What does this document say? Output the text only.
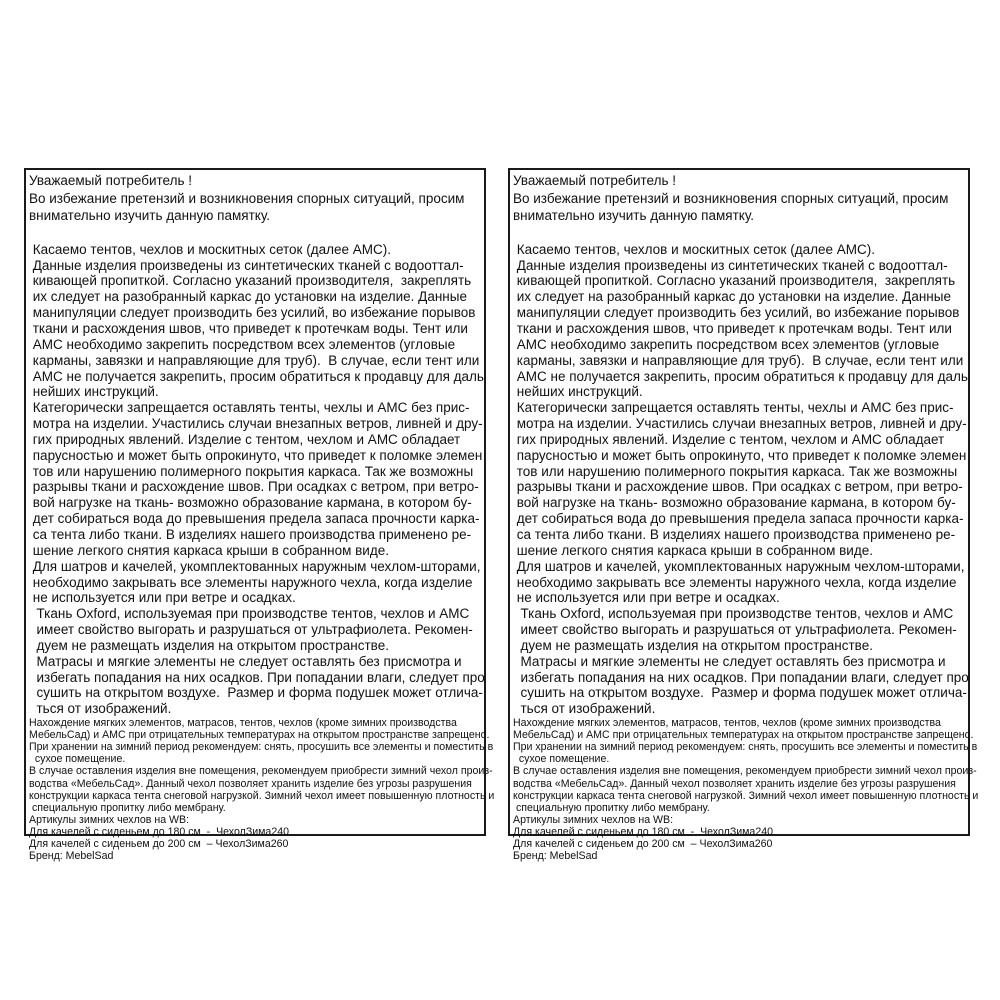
Уважаемый потребитель !
Во избежание претензий и возникновения спорных ситуаций, просим
внимательно изучить данную памятку.
Касаемо тентов, чехлов и москитных сеток (далее АМС).
Данные изделия произведены из синтетических тканей с водооттал-
кивающей пропиткой. Согласно указаний производителя,  закреплять
их следует на разобранный каркас до установки на изделие. Данные
манипуляции следует производить без усилий, во избежание порывов
ткани и расхождения швов, что приведет к протечкам воды. Тент или
АМС необходимо закрепить посредством всех элементов (угловые
карманы, завязки и направляющие для труб).  В случае, если тент или
АМС не получается закрепить, просим обратиться к продавцу для даль
нейших инструкций.
Категорически запрещается оставлять тенты, чехлы и АМС без прис-
мотра на изделии. Участились случаи внезапных ветров, ливней и дру-
гих природных явлений. Изделие с тентом, чехлом и АМС обладает
парусностью и может быть опрокинуто, что приведет к поломке элемен
тов или нарушению полимерного покрытия каркаса. Так же возможны
разрывы ткани и расхождение швов. При осадках с ветром, при ветро-
вой нагрузке на ткань- возможно образование кармана, в котором бу-
дет собираться вода до превышения предела запаса прочности карка-
са тента либо ткани. В изделиях нашего производства применено ре-
шение легкого снятия каркаса крыши в собранном виде.
Для шатров и качелей, укомплектованных наружным чехлом-шторами,
необходимо закрывать все элементы наружного чехла, когда изделие
не используется или при ветре и осадках.
Ткань Oxford, используемая при производстве тентов, чехлов и АМС
имеет свойство выгорать и разрушаться от ультрафиолета. Рекомен-
дуем не размещать изделия на открытом пространстве.
Матрасы и мягкие элементы не следует оставлять без присмотра и
избегать попадания на них осадков. При попадании влаги, следует про
сушить на открытом воздухе.  Размер и форма подушек может отлича-
ться от изображений.
Нахождение мягких элементов, матрасов, тентов, чехлов (кроме зимних производства
МебельСад) и АМС при отрицательных температурах на открытом пространстве запрещено.
При хранении на зимний период рекомендуем: снять, просушить все элементы и поместить в
сухое помещение.
В случае оставления изделия вне помещения, рекомендуем приобрести зимний чехол произ-
водства «МебельСад». Данный чехол позволяет хранить изделие без угрозы разрушения
конструкции каркаса тента снеговой нагрузкой. Зимний чехол имеет повышенную плотность и
специальную пропитку либо мембрану.
Артикулы зимних чехлов на WB:
Для качелей с сиденьем до 180 см  -  ЧехолЗима240
Для качелей с сиденьем до 200 см  – ЧехолЗима260
Бренд: MebelSad
Уважаемый потребитель !
Во избежание претензий и возникновения спорных ситуаций, просим
внимательно изучить данную памятку.
Касаемо тентов, чехлов и москитных сеток (далее АМС).
Данные изделия произведены из синтетических тканей с водооттал-
кивающей пропиткой. Согласно указаний производителя,  закреплять
их следует на разобранный каркас до установки на изделие. Данные
манипуляции следует производить без усилий, во избежание порывов
ткани и расхождения швов, что приведет к протечкам воды. Тент или
АМС необходимо закрепить посредством всех элементов (угловые
карманы, завязки и направляющие для труб).  В случае, если тент или
АМС не получается закрепить, просим обратиться к продавцу для даль
нейших инструкций.
Категорически запрещается оставлять тенты, чехлы и АМС без прис-
мотра на изделии. Участились случаи внезапных ветров, ливней и дру-
гих природных явлений. Изделие с тентом, чехлом и АМС обладает
парусностью и может быть опрокинуто, что приведет к поломке элемен
тов или нарушению полимерного покрытия каркаса. Так же возможны
разрывы ткани и расхождение швов. При осадках с ветром, при ветро-
вой нагрузке на ткань- возможно образование кармана, в котором бу-
дет собираться вода до превышения предела запаса прочности карка-
са тента либо ткани. В изделиях нашего производства применено ре-
шение легкого снятия каркаса крыши в собранном виде.
Для шатров и качелей, укомплектованных наружным чехлом-шторами,
необходимо закрывать все элементы наружного чехла, когда изделие
не используется или при ветре и осадках.
Ткань Oxford, используемая при производстве тентов, чехлов и АМС
имеет свойство выгорать и разрушаться от ультрафиолета. Рекомен-
дуем не размещать изделия на открытом пространстве.
Матрасы и мягкие элементы не следует оставлять без присмотра и
избегать попадания на них осадков. При попадании влаги, следует про
сушить на открытом воздухе.  Размер и форма подушек может отлича-
ться от изображений.
Нахождение мягких элементов, матрасов, тентов, чехлов (кроме зимних производства
МебельСад) и АМС при отрицательных температурах на открытом пространстве запрещено.
При хранении на зимний период рекомендуем: снять, просушить все элементы и поместить в
сухое помещение.
В случае оставления изделия вне помещения, рекомендуем приобрести зимний чехол произ-
водства «МебельСад». Данный чехол позволяет хранить изделие без угрозы разрушения
конструкции каркаса тента снеговой нагрузкой. Зимний чехол имеет повышенную плотность и
специальную пропитку либо мембрану.
Артикулы зимних чехлов на WB:
Для качелей с сиденьем до 180 см  -  ЧехолЗима240
Для качелей с сиденьем до 200 см  – ЧехолЗима260
Бренд: MebelSad
